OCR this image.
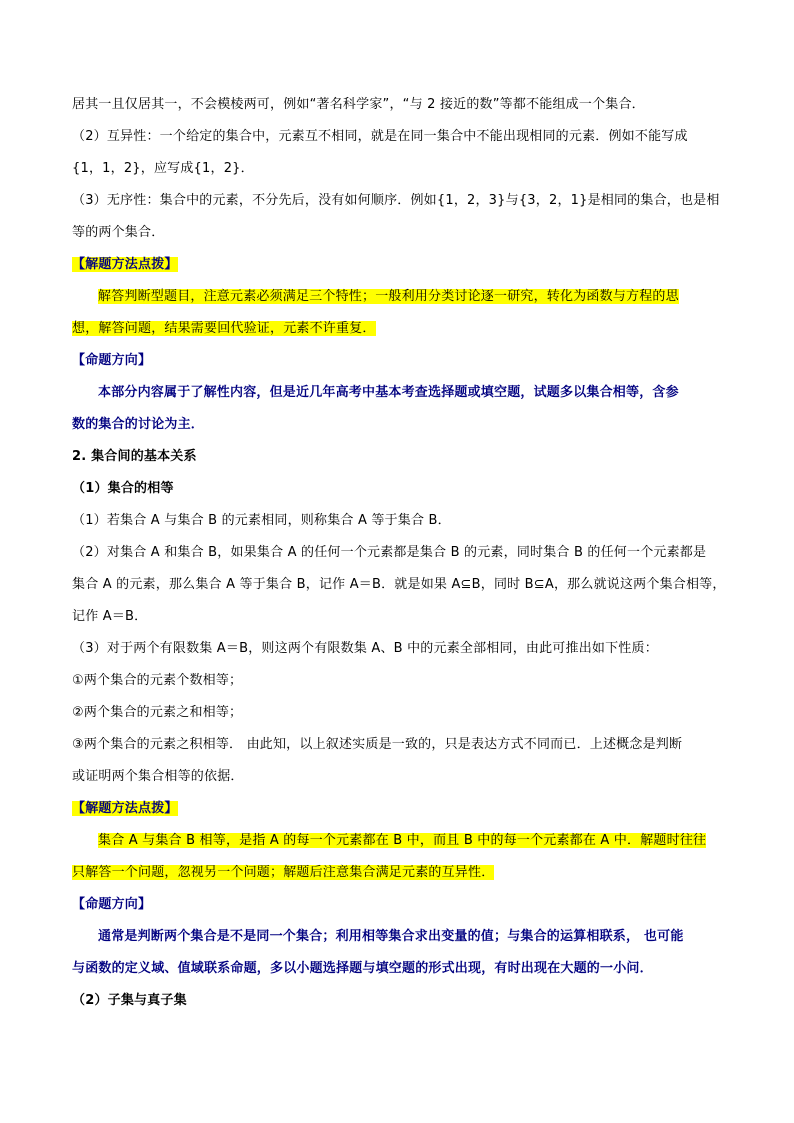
居其一且仅居其一，不会模棱两可，例如“著名科学家”，“与 2 接近的数”等都不能组成一个集合．
（2）互异性：一个给定的集合中，元素互不相同，就是在同一集合中不能出现相同的元素．例如不能写成
{1，1，2}，应写成{1，2}．
（3）无序性：集合中的元素，不分先后，没有如何顺序．例如{1，2，3}与{3，2，1}是相同的集合，也是相
等的两个集合．
【解题方法点拨】
解答判断型题目，注意元素必须满足三个特性；一般利用分类讨论逐一研究，转化为函数与方程的思
想，解答问题，结果需要回代验证，元素不许重复．
【命题方向】
本部分内容属于了解性内容，但是近几年高考中基本考查选择题或填空题，试题多以集合相等，含参
数的集合的讨论为主．
2. 集合间的基本关系
（1）集合的相等
（1）若集合 A 与集合 B 的元素相同，则称集合 A 等于集合 B．
（2）对集合 A 和集合 B，如果集合 A 的任何一个元素都是集合 B 的元素，同时集合 B 的任何一个元素都是
集合 A 的元素，那么集合 A 等于集合 B，记作 A＝B．就是如果 A⊆B，同时 B⊆A，那么就说这两个集合相等，
记作 A＝B．
（3）对于两个有限数集 A＝B，则这两个有限数集 A、B 中的元素全部相同，由此可推出如下性质：
①两个集合的元素个数相等；
②两个集合的元素之和相等；
③两个集合的元素之积相等． 由此知，以上叙述实质是一致的，只是表达方式不同而已．上述概念是判断
或证明两个集合相等的依据．
【解题方法点拨】
集合 A 与集合 B 相等，是指 A 的每一个元素都在 B 中，而且 B 中的每一个元素都在 A 中．解题时往往
只解答一个问题，忽视另一个问题；解题后注意集合满足元素的互异性．
【命题方向】
通常是判断两个集合是不是同一个集合；利用相等集合求出变量的值；与集合的运算相联系， 也可能
与函数的定义域、值域联系命题，多以小题选择题与填空题的形式出现，有时出现在大题的一小问．
（2）子集与真子集
